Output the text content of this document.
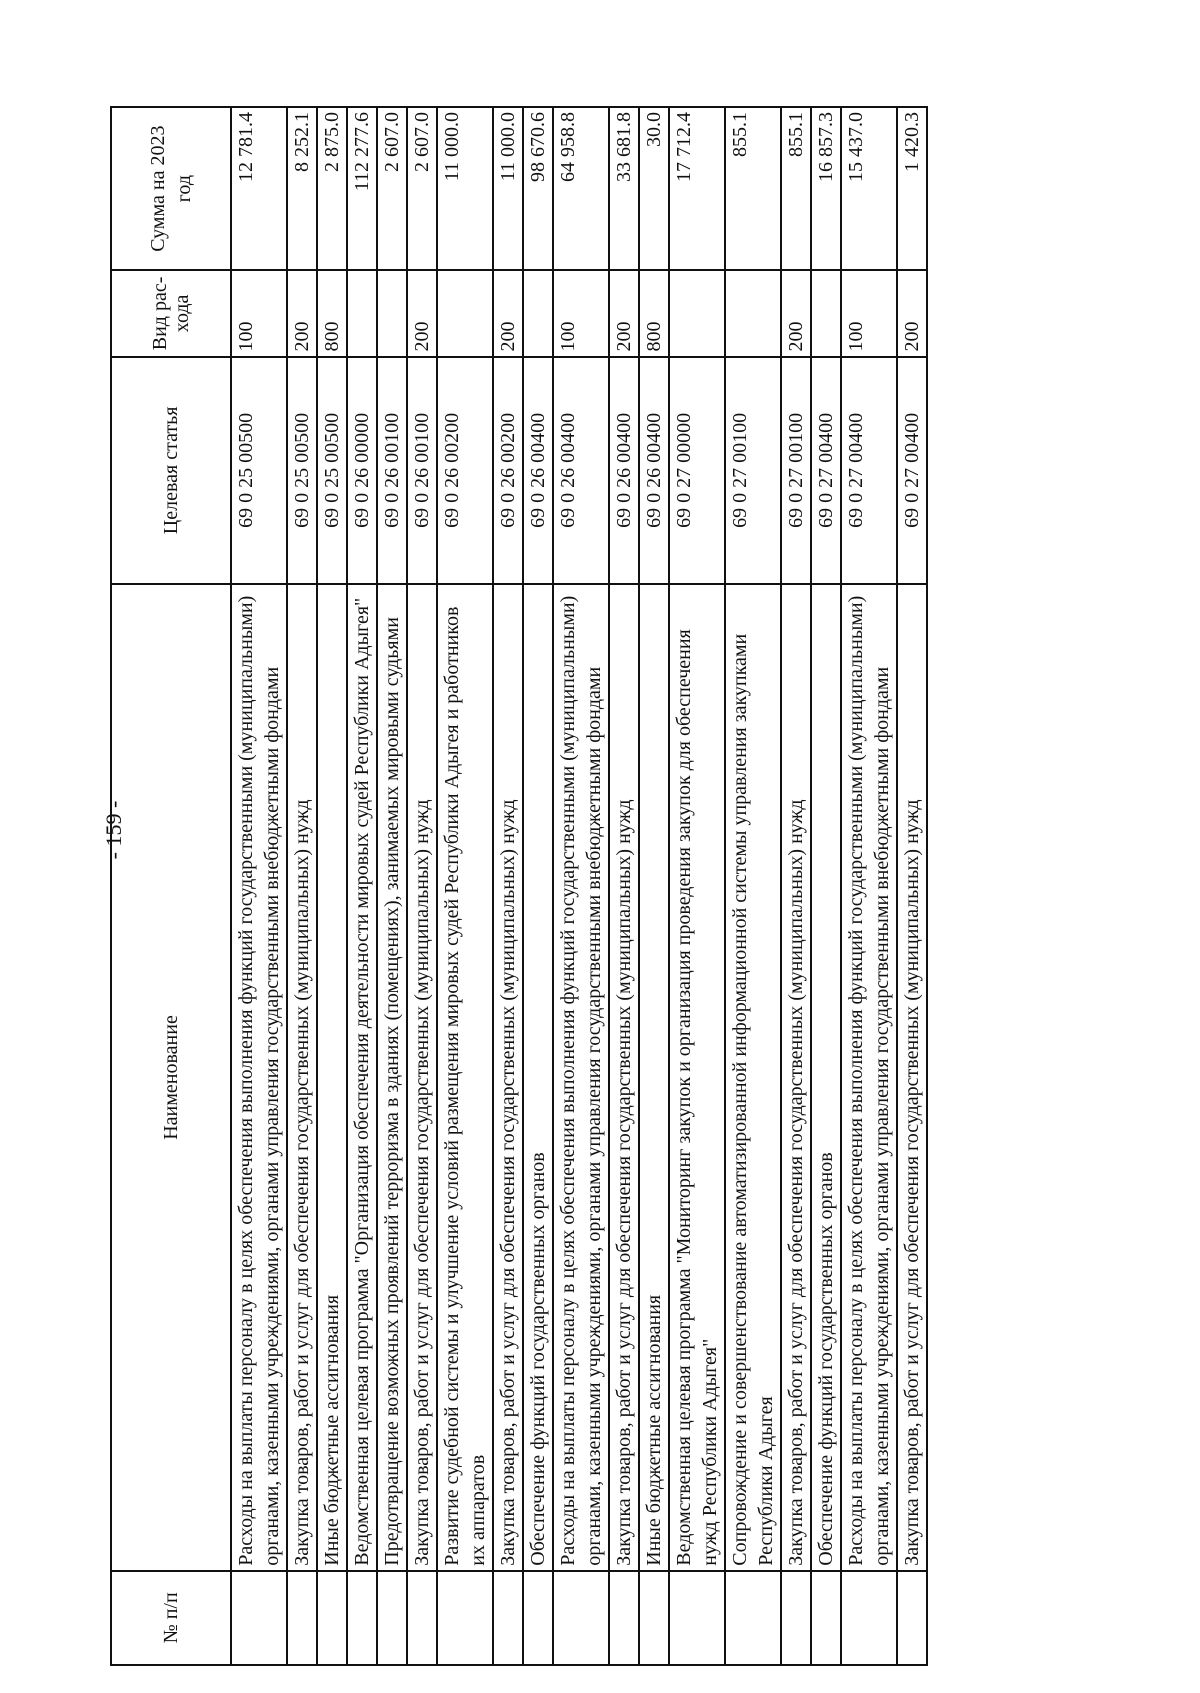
- 159 -
№ п/п	Наименование	Целевая статья	Вид рас-хода	Сумма на 2023 год
	Расходы на выплаты персоналу в целях обеспечения выполнения функций государственными (муниципальными) органами, казенными учреждениями, органами управления государственными внебюджетными фондами	69 0 25 00500	100	12 781.4
	Закупка товаров, работ и услуг для обеспечения государственных (муниципальных) нужд	69 0 25 00500	200	8 252.1
	Иные бюджетные ассигнования	69 0 25 00500	800	2 875.0
	Ведомственная целевая программа "Организация обеспечения деятельности мировых судей Республики Адыгея"	69 0 26 00000		112 277.6
	Предотвращение возможных проявлений терроризма в зданиях (помещениях), занимаемых мировыми судьями	69 0 26 00100		2 607.0
	Закупка товаров, работ и услуг для обеспечения государственных (муниципальных) нужд	69 0 26 00100	200	2 607.0
	Развитие судебной системы и улучшение условий размещения мировых судей Республики Адыгея и работников их аппаратов	69 0 26 00200		11 000.0
	Закупка товаров, работ и услуг для обеспечения государственных (муниципальных) нужд	69 0 26 00200	200	11 000.0
	Обеспечение функций государственных органов	69 0 26 00400		98 670.6
	Расходы на выплаты персоналу в целях обеспечения выполнения функций государственными (муниципальными) органами, казенными учреждениями, органами управления государственными внебюджетными фондами	69 0 26 00400	100	64 958.8
	Закупка товаров, работ и услуг для обеспечения государственных (муниципальных) нужд	69 0 26 00400	200	33 681.8
	Иные бюджетные ассигнования	69 0 26 00400	800	30.0
	Ведомственная целевая программа "Мониторинг закупок и организация проведения закупок для обеспечения нужд Республики Адыгея"	69 0 27 00000		17 712.4
	Сопровождение и совершенствование автоматизированной информационной системы управления закупками Республики Адыгея	69 0 27 00100		855.1
	Закупка товаров, работ и услуг для обеспечения государственных (муниципальных) нужд	69 0 27 00100	200	855.1
	Обеспечение функций государственных органов	69 0 27 00400		16 857.3
	Расходы на выплаты персоналу в целях обеспечения выполнения функций государственными (муниципальными) органами, казенными учреждениями, органами управления государственными внебюджетными фондами	69 0 27 00400	100	15 437.0
	Закупка товаров, работ и услуг для обеспечения государственных (муниципальных) нужд	69 0 27 00400	200	1 420.3
